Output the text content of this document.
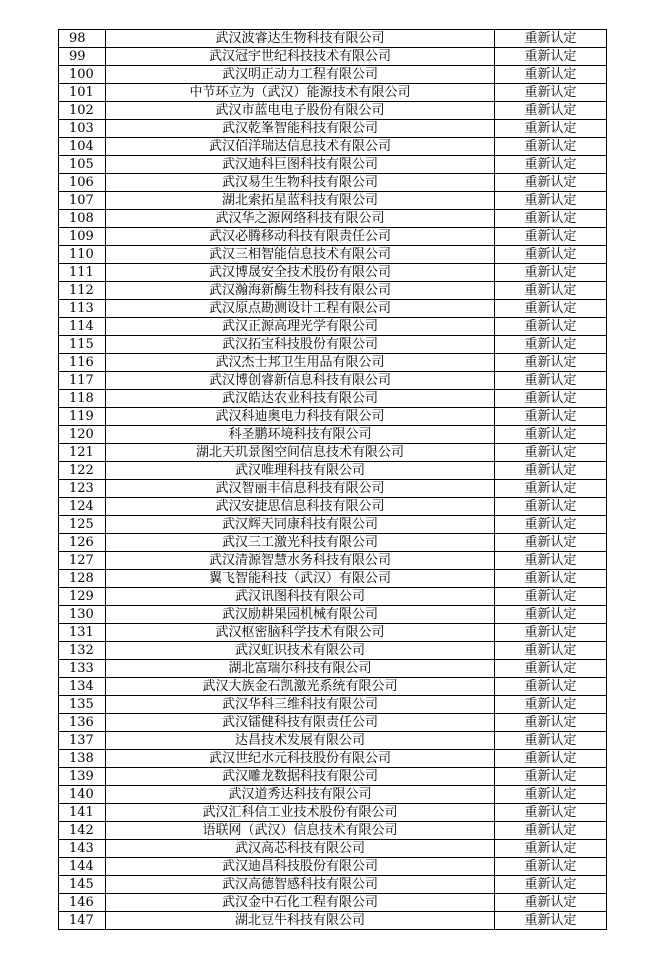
98	武汉波睿达生物科技有限公司	重新认定
99	武汉冠宇世纪科技技术有限公司	重新认定
100	武汉明正动力工程有限公司	重新认定
101	中节环立为（武汉）能源技术有限公司	重新认定
102	武汉市蓝电电子股份有限公司	重新认定
103	武汉乾峯智能科技有限公司	重新认定
104	武汉佰洋瑞达信息技术有限公司	重新认定
105	武汉迪科巨图科技有限公司	重新认定
106	武汉易生生物科技有限公司	重新认定
107	湖北索拓星蓝科技有限公司	重新认定
108	武汉华之源网络科技有限公司	重新认定
109	武汉必腾移动科技有限责任公司	重新认定
110	武汉三相智能信息技术有限公司	重新认定
111	武汉博晟安全技术股份有限公司	重新认定
112	武汉瀚海新酶生物科技有限公司	重新认定
113	武汉原点勘测设计工程有限公司	重新认定
114	武汉正源高理光学有限公司	重新认定
115	武汉拓宝科技股份有限公司	重新认定
116	武汉杰士邦卫生用品有限公司	重新认定
117	武汉博创睿新信息科技有限公司	重新认定
118	武汉皓达农业科技有限公司	重新认定
119	武汉科迪奥电力科技有限公司	重新认定
120	科圣鹏环境科技有限公司	重新认定
121	湖北天玑景图空间信息技术有限公司	重新认定
122	武汉唯理科技有限公司	重新认定
123	武汉智丽丰信息科技有限公司	重新认定
124	武汉安捷思信息科技有限公司	重新认定
125	武汉辉天同康科技有限公司	重新认定
126	武汉三工激光科技有限公司	重新认定
127	武汉清源智慧水务科技有限公司	重新认定
128	翼飞智能科技（武汉）有限公司	重新认定
129	武汉讯图科技有限公司	重新认定
130	武汉励耕果园机械有限公司	重新认定
131	武汉枢密脑科学技术有限公司	重新认定
132	武汉虹识技术有限公司	重新认定
133	湖北富瑞尔科技有限公司	重新认定
134	武汉大族金石凯激光系统有限公司	重新认定
135	武汉华科三维科技有限公司	重新认定
136	武汉镭健科技有限责任公司	重新认定
137	达昌技术发展有限公司	重新认定
138	武汉世纪水元科技股份有限公司	重新认定
139	武汉雕龙数据科技有限公司	重新认定
140	武汉道秀达科技有限公司	重新认定
141	武汉汇科信工业技术股份有限公司	重新认定
142	语联网（武汉）信息技术有限公司	重新认定
143	武汉高芯科技有限公司	重新认定
144	武汉迪昌科技股份有限公司	重新认定
145	武汉高德智感科技有限公司	重新认定
146	武汉金中石化工程有限公司	重新认定
147	湖北豆牛科技有限公司	重新认定
